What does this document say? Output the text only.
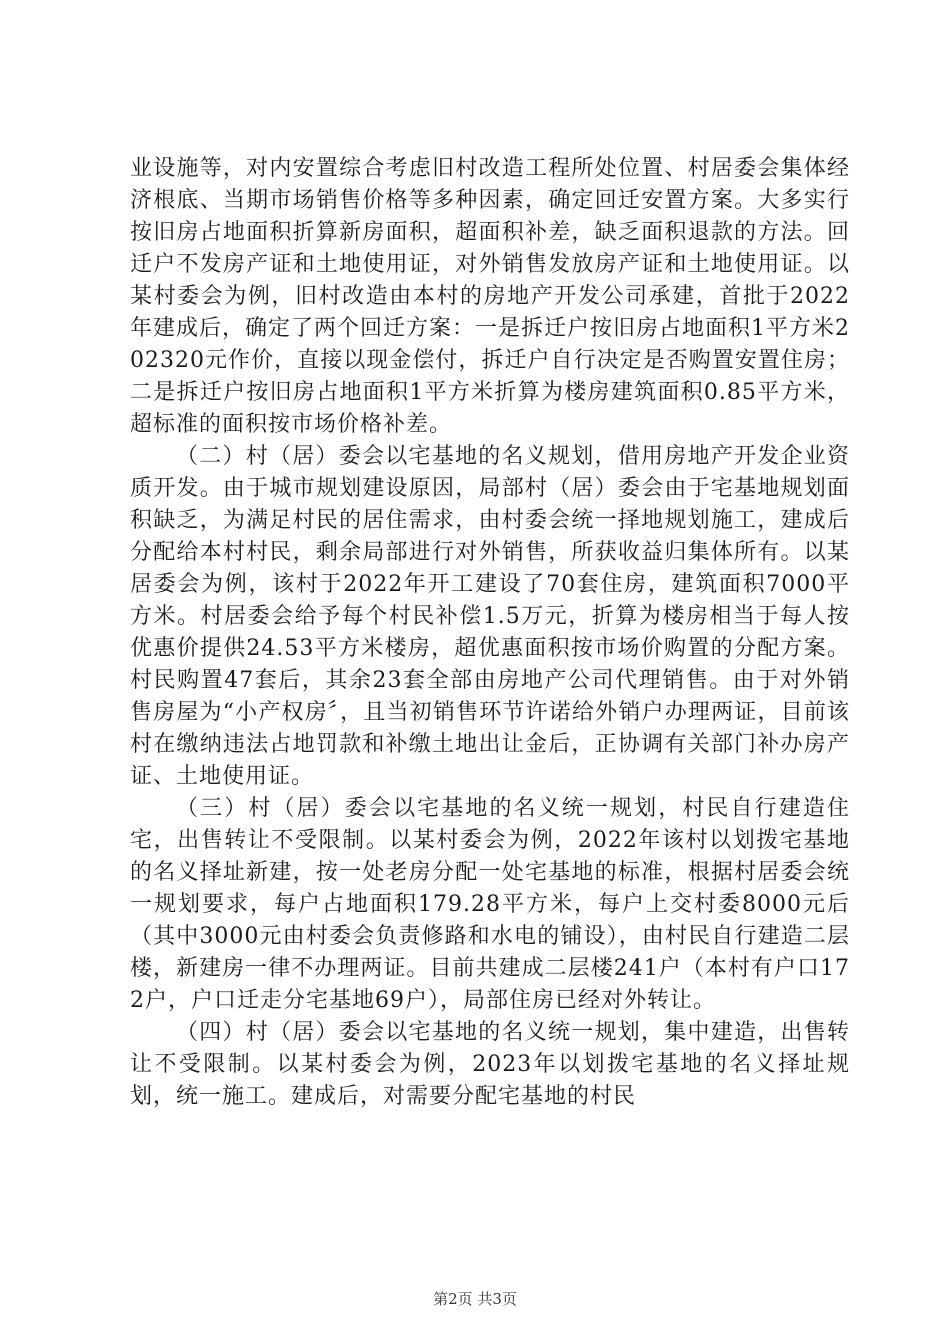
业设施等，对内安置综合考虑旧村改造工程所处位置、村居委会集体经济根底、当期市场销售价格等多种因素，确定回迁安置方案。大多实行按旧房占地面积折算新房面积，超面积补差，缺乏面积退款的方法。回迁户不发房产证和土地使用证，对外销售发放房产证和土地使用证。以某村委会为例，旧村改造由本村的房地产开发公司承建，首批于2022年建成后，确定了两个回迁方案：一是拆迁户按旧房占地面积1平方米202320元作价，直接以现金偿付，拆迁户自行决定是否购置安置住房；二是拆迁户按旧房占地面积1平方米折算为楼房建筑面积0.85平方米，超标准的面积按市场价格补差。

（二）村（居）委会以宅基地的名义规划，借用房地产开发企业资质开发。由于城市规划建设原因，局部村（居）委会由于宅基地规划面积缺乏，为满足村民的居住需求，由村委会统一择地规划施工，建成后分配给本村村民，剩余局部进行对外销售，所获收益归集体所有。以某居委会为例，该村于2022年开工建设了70套住房，建筑面积7000平方米。村居委会给予每个村民补偿1.5万元，折算为楼房相当于每人按优惠价提供24.53平方米楼房，超优惠面积按市场价购置的分配方案。村民购置47套后，其余23套全部由房地产公司代理销售。由于对外销售房屋为“小产权房〞，且当初销售环节许诺给外销户办理两证，目前该村在缴纳违法占地罚款和补缴土地出让金后，正协调有关部门补办房产证、土地使用证。

（三）村（居）委会以宅基地的名义统一规划，村民自行建造住宅，出售转让不受限制。以某村委会为例，2022年该村以划拨宅基地的名义择址新建，按一处老房分配一处宅基地的标准，根据村居委会统一规划要求，每户占地面积179.28平方米，每户上交村委8000元后（其中3000元由村委会负责修路和水电的铺设），由村民自行建造二层楼，新建房一律不办理两证。目前共建成二层楼241户（本村有户口172户，户口迁走分宅基地69户），局部住房已经对外转让。

（四）村（居）委会以宅基地的名义统一规划，集中建造，出售转让不受限制。以某村委会为例，2023年以划拨宅基地的名义择址规划，统一施工。建成后，对需要分配宅基地的村民

第2页 共3页
